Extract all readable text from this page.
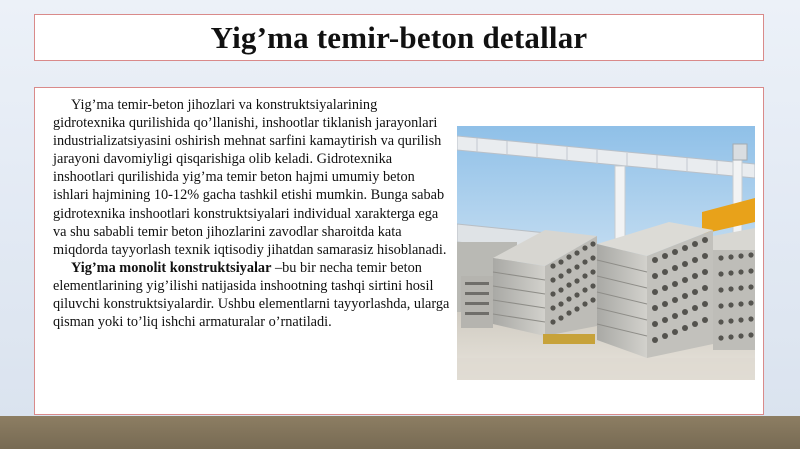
Yig’ma temir-beton detallar

Yig’ma temir-beton jihozlari va konstruktsiyalarining gidrotexnika qurilishida qo’llanishi, inshootlar tiklanish jarayonlari industrializatsiyasini oshirish mehnat sarfini kamaytirish va qurilish jarayoni davomiyligi qisqarishiga olib keladi. Gidrotexnika inshootlari qurilishida yig’ma temir beton hajmi umumiy beton ishlari hajmining 10-12% gacha tashkil etishi mumkin. Bunga sabab gidrotexnika inshootlari konstruktsiyalari individual xarakterga ega va shu sababli temir beton jihozlarini zavodlar sharoitda kata miqdorda tayyorlash texnik iqtisodiy jihatdan samarasiz hisoblanadi.

Yig’ma monolit konstruktsiyalar –bu bir necha temir beton elementlarining yig’ilishi natijasida inshootning tashqi sirtini hosil qiluvchi konstruktsiyalardir. Ushbu elementlarni tayyorlashda, ularga qisman yoki to’liq ishchi armaturalar o’rnatiladi.
